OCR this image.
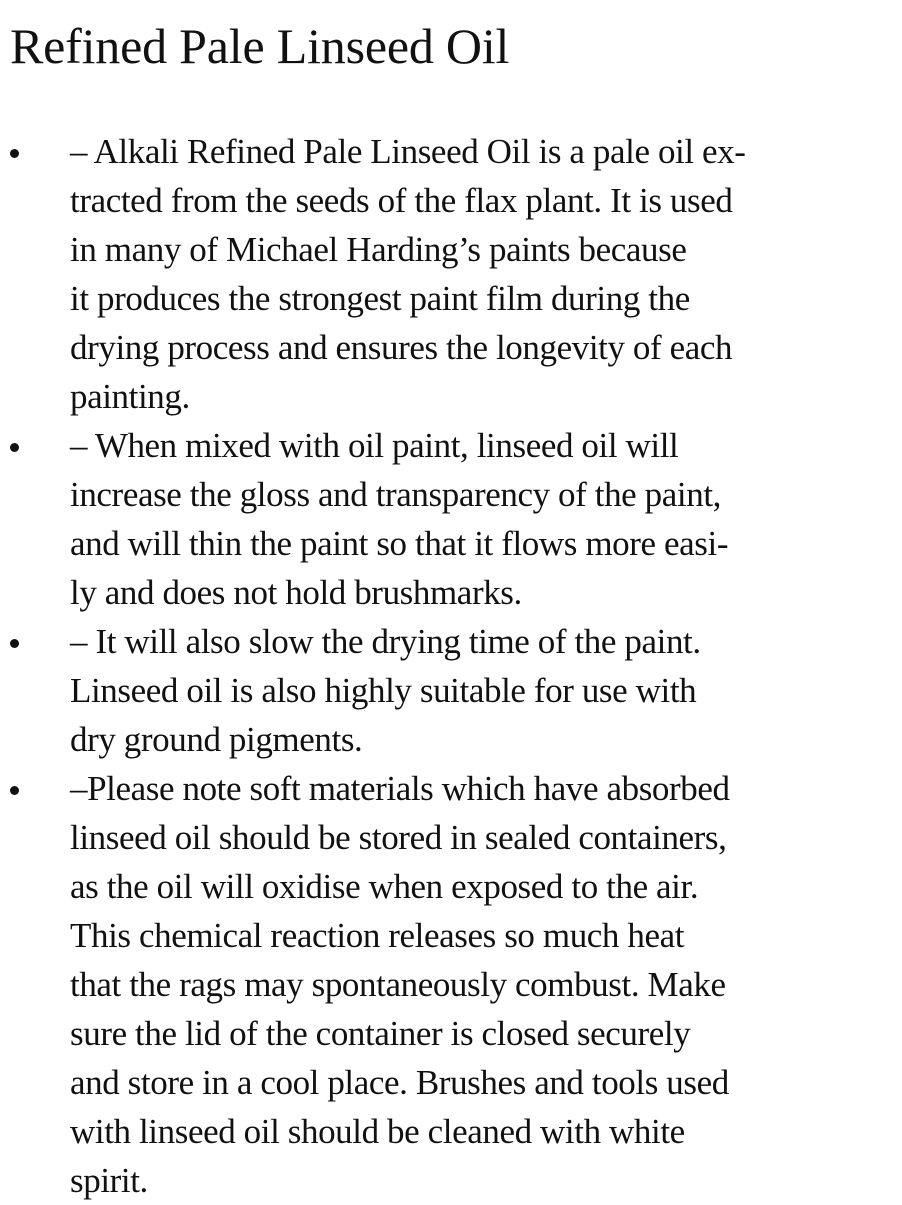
Refined Pale Linseed Oil
– Alkali Refined Pale Linseed Oil is a pale oil ex-
tracted from the seeds of the flax plant. It is used
in many of Michael Harding’s paints because
it produces the strongest paint film during the
drying process and ensures the longevity of each
painting.
– When mixed with oil paint, linseed oil will
increase the gloss and transparency of the paint,
and will thin the paint so that it flows more easi-
ly and does not hold brushmarks.
– It will also slow the drying time of the paint.
Linseed oil is also highly suitable for use with
dry ground pigments.
–Please note soft materials which have absorbed
linseed oil should be stored in sealed containers,
as the oil will oxidise when exposed to the air.
This chemical reaction releases so much heat
that the rags may spontaneously combust. Make
sure the lid of the container is closed securely
and store in a cool place. Brushes and tools used
with linseed oil should be cleaned with white
spirit.
